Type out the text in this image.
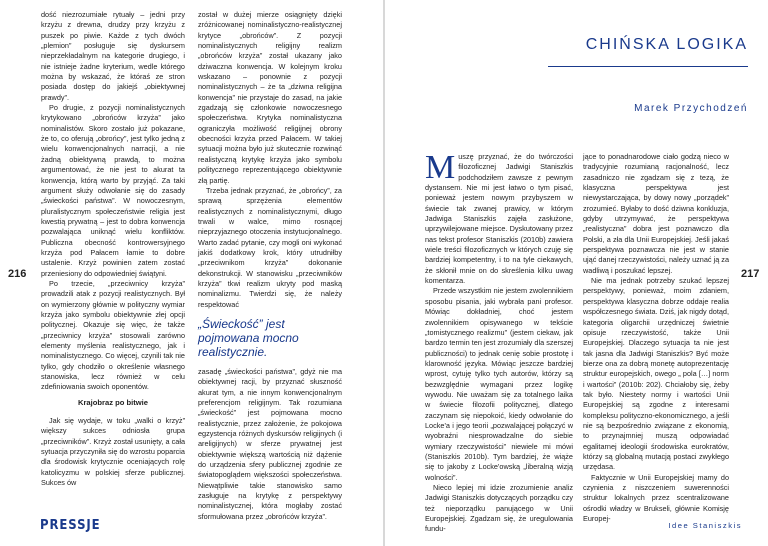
dość niezrozumiałe rytuały – jedni przy krzyżu z drewna, drudzy przy krzyżu z puszek po piwie. Każde z tych dwóch „plemion” posługuje się dyskursem nieprzekładalnym na kategorie drugiego, i nie istnieje żadne kryterium, wedle którego można by wskazać, że któraś ze stron posiada dostęp do jakiejś „obiektywnej prawdy”.

Po drugie, z pozycji nominalistycznych krytykowano „obrońców krzyża” jako nominalistów. Skoro zostało już pokazane, że to, co oferują „obrońcy”, jest tylko jedną z wielu konwencjonalnych narracji, a nie żadną obiektywną prawdą, to można argumentować, że nie jest to akurat ta konwencja, którą warto by przyjąć. Za taki argument służy odwołanie się do zasady „świeckości państwa”. W nowoczesnym, pluralistycznym społeczeństwie religia jest kwestią prywatną – jest to dobra konwencja pozwalająca uniknąć wielu konfliktów. Publiczna obecność kontrowersyjnego krzyża pod Pałacem łamie to dobre ustalenie. Krzyż powinien zatem zostać przeniesiony do odpowiedniej świątyni.

Po trzecie, „przeciwnicy krzyża” prowadzili atak z pozycji realistycznych. Był on wymierzony głównie w polityczny wymiar krzyża jako symbolu obiektywnie złej opcji politycznej. Okazuje się więc, że także „przeciwnicy krzyża” stosowali zarówno elementy myślenia realistycznego, jak i nominalistycznego. Co więcej, czynili tak nie tylko, gdy chodziło o określenie własnego stanowiska, lecz również w celu zdefiniowania swoich oponentów.

Krajobraz po bitwie

Jak się wydaje, w toku „walki o krzyż” większy sukces odniosła grupa „przeciwników”. Krzyż został usunięty, a cała sytuacja przyczyniła się do wzrostu poparcia dla środowisk krytycznie oceniających rolę katolicyzmu w polskiej sferze publicznej. Sukces ów

216

został w dużej mierze osiągnięty dzięki zróżnicowanej nominalistyczno-realistycznej krytyce „obrońców”. Z pozycji nominalistycznych religijny realizm „obrońców krzyża” został ukazany jako dziwaczna konwencja. W kolejnym kroku wskazano – ponownie z pozycji nominalistycznych – że ta „dziwna religijna konwencja” nie przystaje do zasad, na jakie zgadzają się członkowie nowoczesnego społeczeństwa. Krytyka nominalistyczna ograniczyła możliwość religijnej obrony obecności krzyża przed Pałacem. W takiej sytuacji można było już skutecznie rozwinąć realistyczną krytykę krzyża jako symbolu politycznego reprezentującego obiektywnie złą partię.

Trzeba jednak przyznać, że „obrońcy”, za sprawą sprzężenia elementów realistycznych z nominalistycznymi, długo trwali w walce, mimo rosnącej nieprzyjaznego otoczenia instytucjonalnego. Warto zadać pytanie, czy mogli oni wykonać jakiś dodatkowy krok, który utrudniłby „przeciwnikom krzyża” dokonanie dekonstrukcji. W stanowisku „przeciwników krzyża” tkwi realizm ukryty pod maską nominalizmu. Twierdzi się, że należy respektować

„Świeckość” jest pojmowana mocno realistycznie.

zasadę „świeckości państwa”, gdyż nie ma obiektywnej racji, by przyznać słuszność akurat tym, a nie innym konwencjonalnym preferencjom religijnym. Tak rozumiana „świeckość” jest pojmowana mocno realistycznie, przez założenie, że pokojowa egzystencja różnych dyskursów religijnych (i areligijnych) w sferze prywatnej jest obiektywnie większą wartością niż dążenie do urządzenia sfery publicznej zgodnie ze światopoglądem większości społeczeństwa. Niewątpliwie takie stanowisko samo zasługuje na krytykę z perspektywy nominalistycznej, która mogłaby zostać sformułowana przez „obrońców krzyża”.

PRESSJE
CHIŃSKA LOGIKA
Marek Przychodzeń

Muszę przyznać, że do twórczości filozoficznej Jadwigi Staniszkis podchodziłem zawsze z pewnym dystansem. Nie mi jest łatwo o tym pisać, ponieważ jestem nowym przybyszem w świecie tak zwanej prawicy, w którym Jadwiga Staniszkis zajęła zasłużone, uprzywilejowane miejsce. Dyskutowany przez nas tekst profesor Staniszkis (2010b) zawiera wiele treści filozoficznych w których czuję się bardziej kompetentny, i to na tyle ciekawych, że skłonił mnie on do skreślenia kilku uwag komentarza.

Przede wszystkim nie jestem zwolennikiem sposobu pisania, jaki wybrała pani profesor. Mówiąc dokładniej, choć jestem zwolennikiem opisywanego w tekście „tomistycznego realizmu” (jestem ciekaw, jak bardzo termin ten jest zrozumiały dla szerszej publiczności) to jednak cenię sobie prostotę i klarowność języka. Mówiąc jeszcze bardziej wprost, cytuję tylko tych autorów, którzy są bezwzględnie wymagani przez logikę wywodu. Nie uważam się za totalnego laika w świecie filozofii politycznej, dlatego zaczynam się niepokoić, kiedy odwołanie do Locke'a i jego teorii „pozwalającej połączyć w wyobraźni niesprowadzalne do siebie wymiary rzeczywistości” niewiele mi mówi (Staniszkis 2010b). Tym bardziej, że wiąże się to jakoby z Locke'owską „liberalną wizją wolności”.

Nieco lepiej mi idzie zrozumienie analiz Jadwigi Staniszkis dotyczących porządku czy też nieporządku panującego w Unii Europejskiej. Zgadzam się, że uregulowania fundu-

jące to ponadnarodowe ciało godzą nieco w tradycyjnie rozumianą racjonalność, lecz zasadniczo nie zgadzam się z tezą, że klasyczna perspektywa jest niewystarczająca, by dowy nowy „porządek” zrozumieć. Byłaby to dość dziwna konkluzja, gdyby utrzymywać, że perspektywa „realistyczna” dobra jest poznawczo dla Polski, a zła dla Unii Europejskiej. Jeśli jakaś perspektywa poznawcza nie jest w stanie ująć danej rzeczywistości, należy uznać ją za wadliwą i poszukać lepszej.

Nie ma jednak potrzeby szukać lepszej perspektywy, ponieważ, moim zdaniem, perspektywa klasyczna dobrze oddaje realia współczesnego świata. Dziś, jak nigdy dotąd, kategoria oligarchii urzędniczej świetnie opisuje rzeczywistość, także Unii Europejskiej. Dlaczego sytuacja ta nie jest tak jasna dla Jadwigi Staniszkis? Być może bierze ona za dobrą monetę autoprezentację struktur europejskich, owego „ pola […] norm i wartości” (2010b: 202). Chciałoby się, żeby tak było. Niestety normy i wartości Unii Europejskiej są zgodne z interesami kompleksu polityczno-ekonomicznego, a jeśli nie są bezpośrednio związane z ekonomią, to przynajmniej muszą odpowiadać egalitarnej ideologii środowiska eurokratów, którzy są globalną mutacją postaci zwykłego urzędasa.

Faktycznie w Unii Europejskiej mamy do czynienia z niszczeniem suwerenności struktur lokalnych przez scentralizowane ośrodki władzy w Brukseli, głównie Komisję Europej-

217
Idee Staniszkis
